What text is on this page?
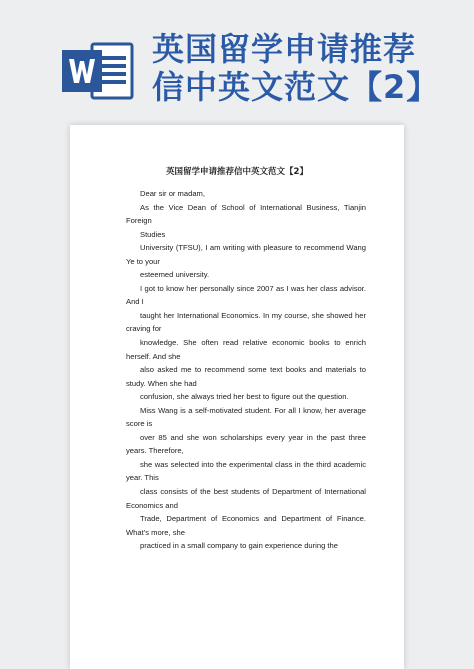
英国留学申请推荐
信中英文范文【2】
英国留学申请推荐信中英文范文【2】
Dear sir or madam,
As the Vice Dean of School of International Business, Tianjin Foreign
Studies
University (TFSU), I am writing with pleasure to recommend Wang Ye to your
esteemed university.
I got to know her personally since 2007 as I was her class advisor. And I
taught her International Economics. In my course, she showed her craving for
knowledge. She often read relative economic books to enrich herself. And she
also asked me to recommend some text books and materials to study. When she had
confusion, she always tried her best to figure out the question.
Miss Wang is a self-motivated student. For all I know, her average score is
over 85 and she won scholarships every year in the past three years. Therefore,
she was selected into the experimental class in the third academic year. This
class consists of the best students of Department of International Economics and
Trade, Department of Economics and Department of Finance. What’s more, she
practiced in a small company to gain experience during the
